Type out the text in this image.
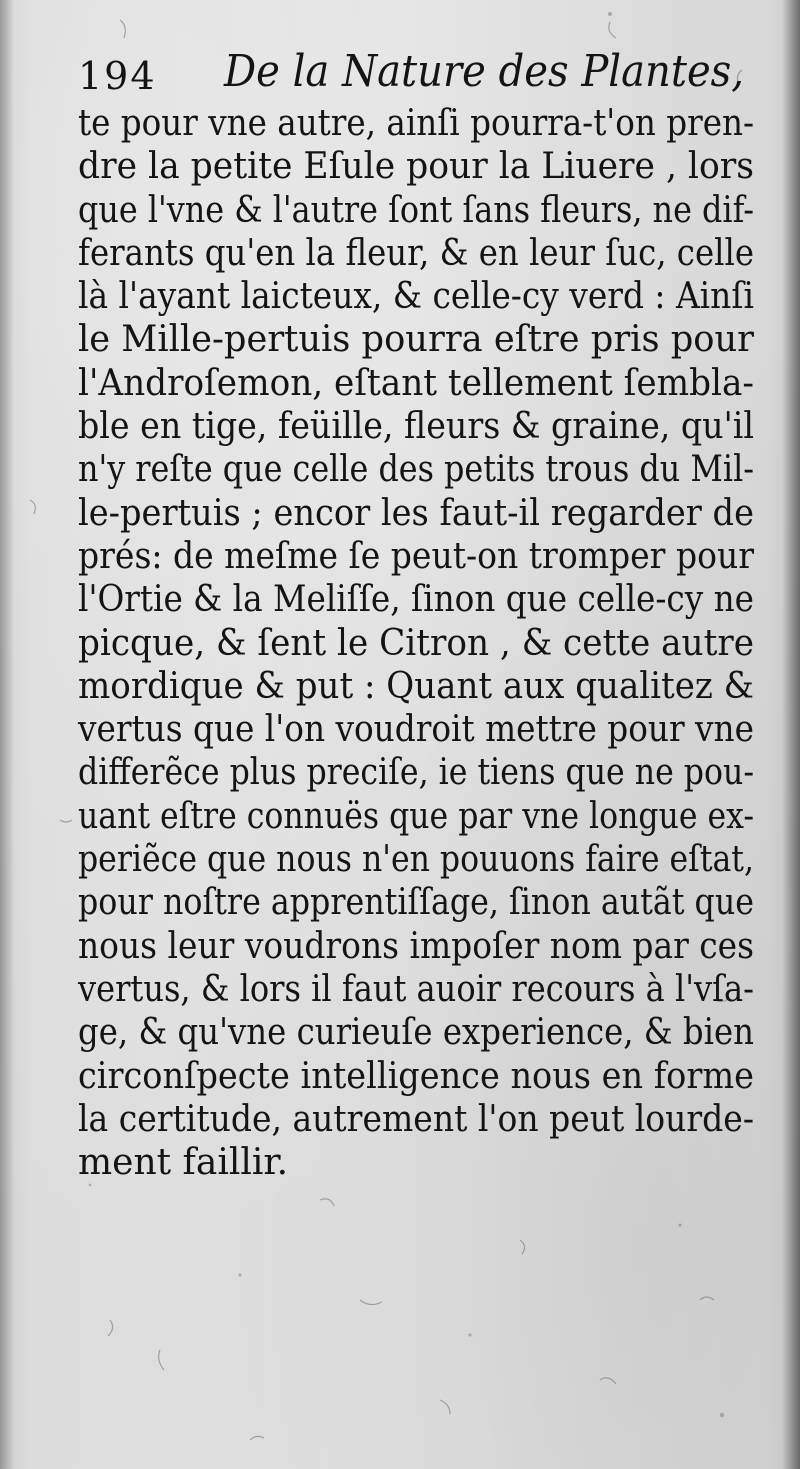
194 De la Nature des Plantes,
te pour vne autre, ainſi pourra-t'on pren-
dre la petite Eſule pour la Liuere , lors
que l'vne & l'autre ſont ſans fleurs, ne dif-
ferants qu'en la fleur, & en leur ſuc, celle
là l'ayant laicteux, & celle-cy verd : Ainſi
le Mille-pertuis pourra eſtre pris pour
l'Androſemon, eſtant tellement ſembla-
ble en tige, feüille, fleurs & graine, qu'il
n'y reſte que celle des petits trous du Mil-
le-pertuis ; encor les faut-il regarder de
prés: de meſme ſe peut-on tromper pour
l'Ortie & la Meliſſe, ſinon que celle-cy ne
picque, & ſent le Citron , & cette autre
mordique & put : Quant aux qualitez &
vertus que l'on voudroit mettre pour vne
differẽce plus preciſe, ie tiens que ne pou-
uant eſtre connuës que par vne longue ex-
periẽce que nous n'en pouuons faire eſtat,
pour noſtre apprentiſſage, ſinon autãt que
nous leur voudrons impoſer nom par ces
vertus, & lors il faut auoir recours à l'vſa-
ge, & qu'vne curieuſe experience, & bien
circonſpecte intelligence nous en forme
la certitude, autrement l'on peut lourde-
ment faillir.
